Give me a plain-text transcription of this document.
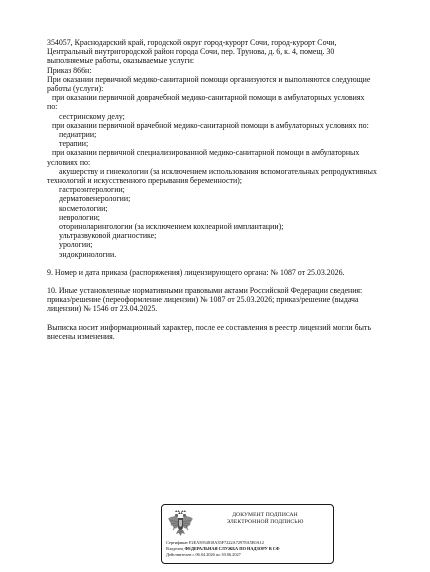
354057, Краснодарский край, городской округ город-курорт Сочи, город-курорт Сочи,
Центральный внутригородской район города Сочи, пер. Трунова, д. 6, к. 4, помещ. 30
выполняемые работы, оказываемые услуги:
Приказ 866н:
При оказании первичной медико-санитарной помощи организуются и выполняются следующие
работы (услуги):
при оказании первичной доврачебной медико-санитарной помощи в амбулаторных условиях
по:
сестринскому делу;
при оказании первичной врачебной медико-санитарной помощи в амбулаторных условиях по:
педиатрии;
терапии;
при оказании первичной специализированной медико-санитарной помощи в амбулаторных
условиях по:
акушерству и гинекологии (за исключением использования вспомогательных репродуктивных
технологий и искусственного прерывания беременности);
гастроэнтерологии;
дерматовенерологии;
косметологии;
неврологии;
оториноларингологии (за исключением кохлеарной имплантации);
ультразвуковой диагностике;
урологии;
эндокринологии.
9. Номер и дата приказа (распоряжения) лицензирующего органа: № 1087 от 25.03.2026.
10. Иные установленные нормативными правовыми актами Российской Федерации сведения:
приказ/решение (переоформление лицензии) № 1087 от 25.03.2026; приказ/решение (выдача
лицензии) № 1546 от 23.04.2025.
Выписка носит информационный характер, после ее составления в реестр лицензий могли быть
внесены изменения.
ДОКУМЕНТ ПОДПИСАН
ЭЛЕКТРОННОЙ ПОДПИСЬЮ
Сертификат F2EA5954818A35F7222A72978A5E0A12
Владелец ФЕДЕРАЛЬНАЯ СЛУЖБА ПО НАДЗОРУ В СФ
Действителен с 06.04.2026 по 30.06.2027
